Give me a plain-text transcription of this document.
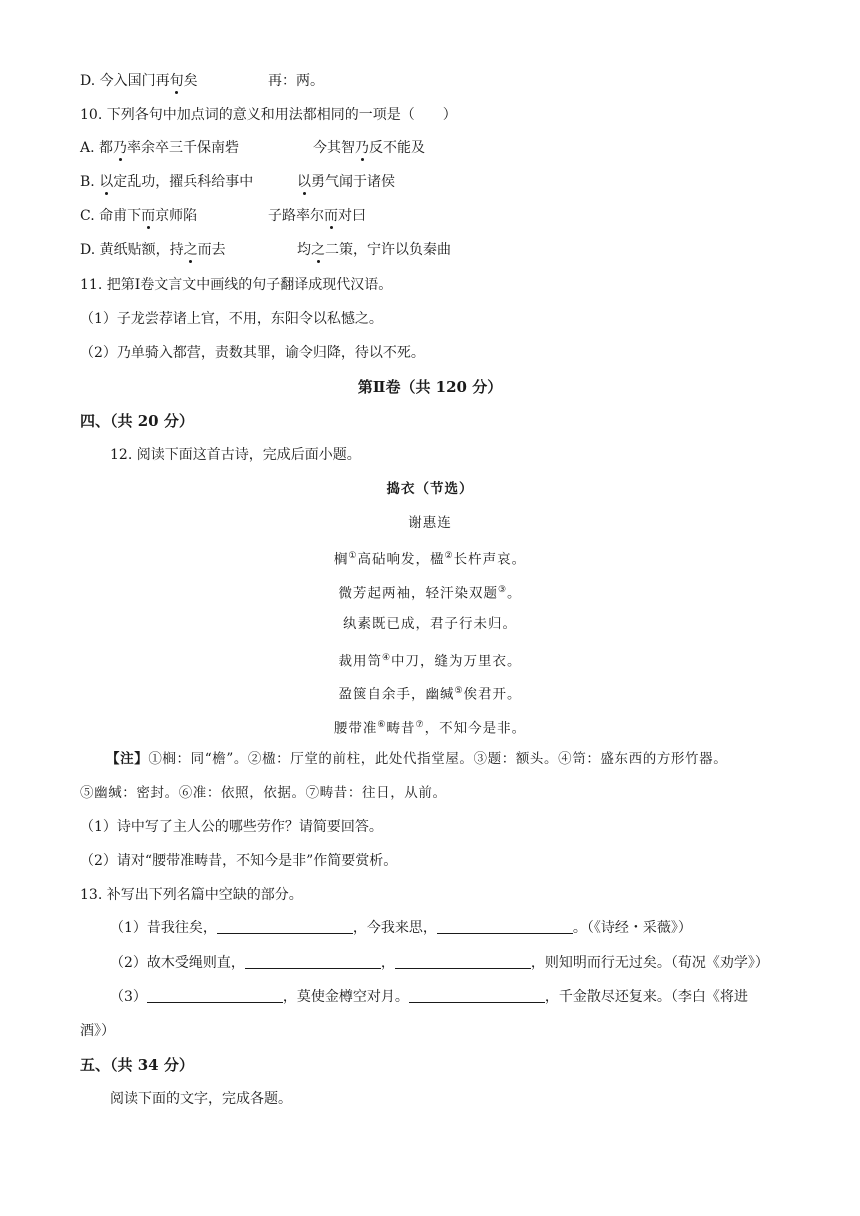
D. 今入国门再旬矣	再：两。
10. 下列各句中加点词的意义和用法都相同的一项是（　　）
A. 都乃率余卒三千保南砦	今其智乃反不能及
B. 以定乱功，擢兵科给事中	以勇气闻于诸侯
C. 命甫下而京师陷	子路率尔而对曰
D. 黄纸贴额，持之而去	均之二策，宁许以负秦曲
11. 把第Ⅰ卷文言文中画线的句子翻译成现代汉语。
（1）子龙尝荐诸上官，不用，东阳令以私憾之。
（2）乃单骑入都营，责数其罪，谕令归降，待以不死。
第Ⅱ卷（共 120 分）
四、（共 20 分）
12. 阅读下面这首古诗，完成后面小题。
捣衣（节选）
谢惠连
榈①高砧响发，楹②长杵声哀。
微芳起两袖，轻汗染双题③。
纨素既已成，君子行未归。
裁用笥④中刀，缝为万里衣。
盈箧自余手，幽缄⑤俟君开。
腰带准⑥畴昔⑦，不知今是非。
【注】①榈：同“檐”。②楹：厅堂的前柱，此处代指堂屋。③题：额头。④笥：盛东西的方形竹器。
⑤幽缄：密封。⑥准：依照，依据。⑦畴昔：往日，从前。
（1）诗中写了主人公的哪些劳作？请简要回答。
（2）请对“腰带准畴昔，不知今是非”作简要赏析。
13. 补写出下列名篇中空缺的部分。
（1）昔我往矣，	，今我来思，	。（《诗经・采薇》）
（2）故木受绳则直，	，	，则知明而行无过矣。（荀况《劝学》）
（3）	，莫使金樽空对月。	，千金散尽还复来。（李白《将进
酒》）
五、（共 34 分）
阅读下面的文字，完成各题。
